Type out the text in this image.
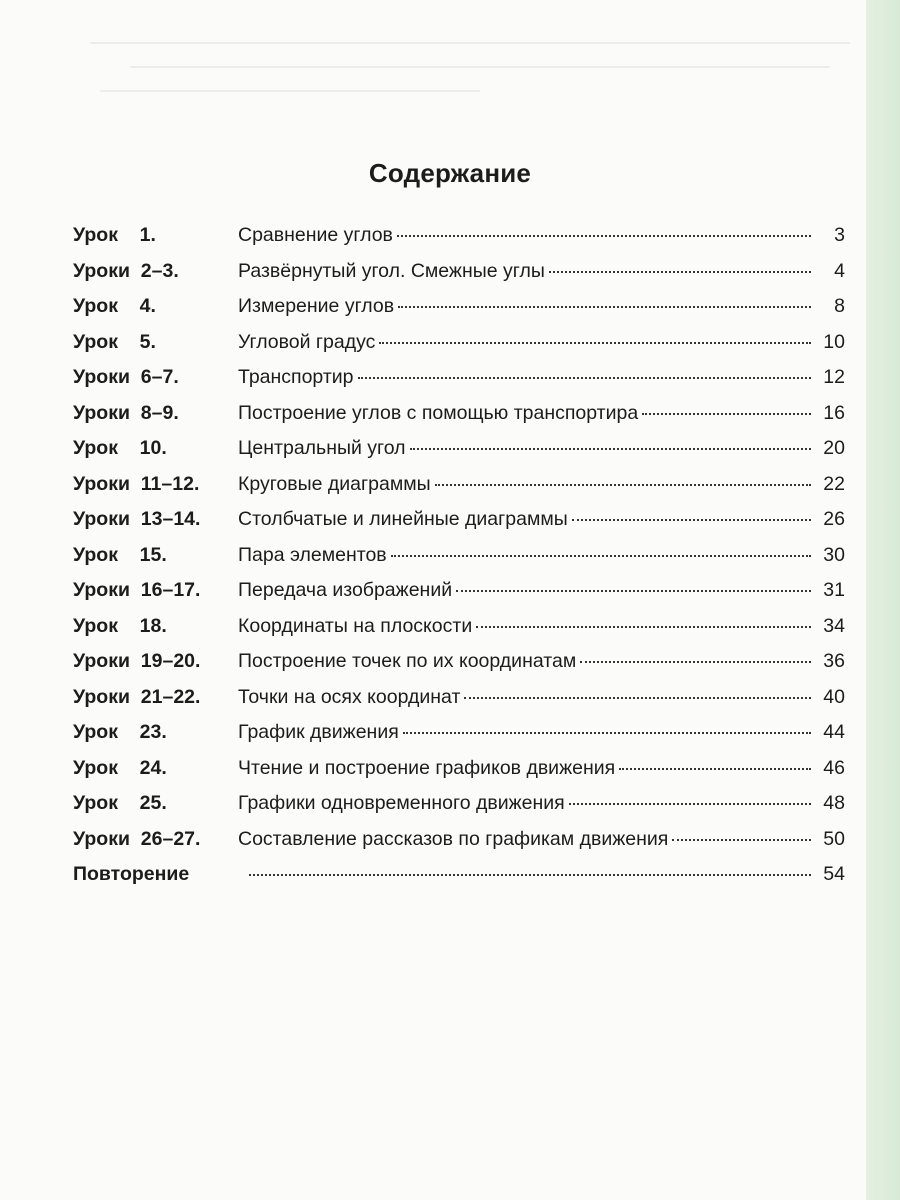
Содержание
Урок    1.	Сравнение углов	3
Уроки  2–3.	Развёрнутый угол. Смежные углы	4
Урок    4.	Измерение углов	8
Урок    5.	Угловой градус	10
Уроки  6–7.	Транспортир	12
Уроки  8–9.	Построение углов с помощью транспортира	16
Урок    10.	Центральный угол	20
Уроки  11–12.	Круговые диаграммы	22
Уроки  13–14.	Столбчатые и линейные диаграммы	26
Урок    15.	Пара элементов	30
Уроки  16–17.	Передача изображений	31
Урок    18.	Координаты на плоскости	34
Уроки  19–20.	Построение точек по их координатам	36
Уроки  21–22.	Точки на осях координат	40
Урок    23.	График движения	44
Урок    24.	Чтение и построение графиков движения	46
Урок    25.	Графики одновременного движения	48
Уроки  26–27.	Составление рассказов по графикам движения	50
Повторение	54
